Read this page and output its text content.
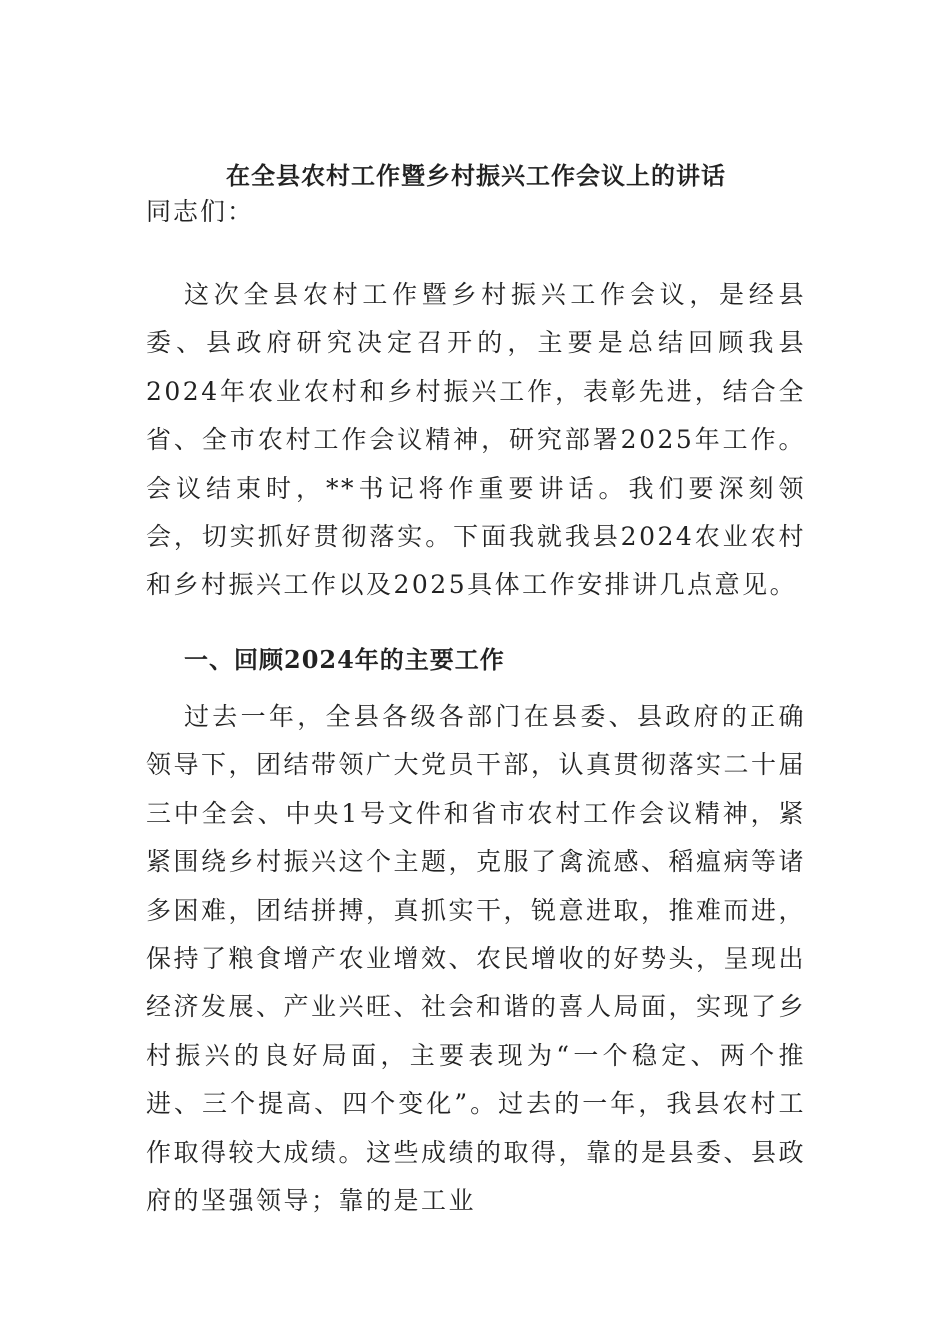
在全县农村工作暨乡村振兴工作会议上的讲话
同志们：

这次全县农村工作暨乡村振兴工作会议，是经县委、县政府研究决定召开的，主要是总结回顾我县2024年农业农村和乡村振兴工作，表彰先进，结合全省、全市农村工作会议精神，研究部署2025年工作。会议结束时，**书记将作重要讲话。我们要深刻领会，切实抓好贯彻落实。下面我就我县2024农业农村和乡村振兴工作以及2025具体工作安排讲几点意见。

一、回顾2024年的主要工作

过去一年，全县各级各部门在县委、县政府的正确领导下，团结带领广大党员干部，认真贯彻落实二十届三中全会、中央1号文件和省市农村工作会议精神，紧紧围绕乡村振兴这个主题，克服了禽流感、稻瘟病等诸多困难，团结拼搏，真抓实干，锐意进取，推难而进，保持了粮食增产农业增效、农民增收的好势头，呈现出经济发展、产业兴旺、社会和谐的喜人局面，实现了乡村振兴的良好局面，主要表现为“一个稳定、两个推进、三个提高、四个变化”。过去的一年，我县农村工作取得较大成绩。这些成绩的取得，靠的是县委、县政府的坚强领导；靠的是工业
